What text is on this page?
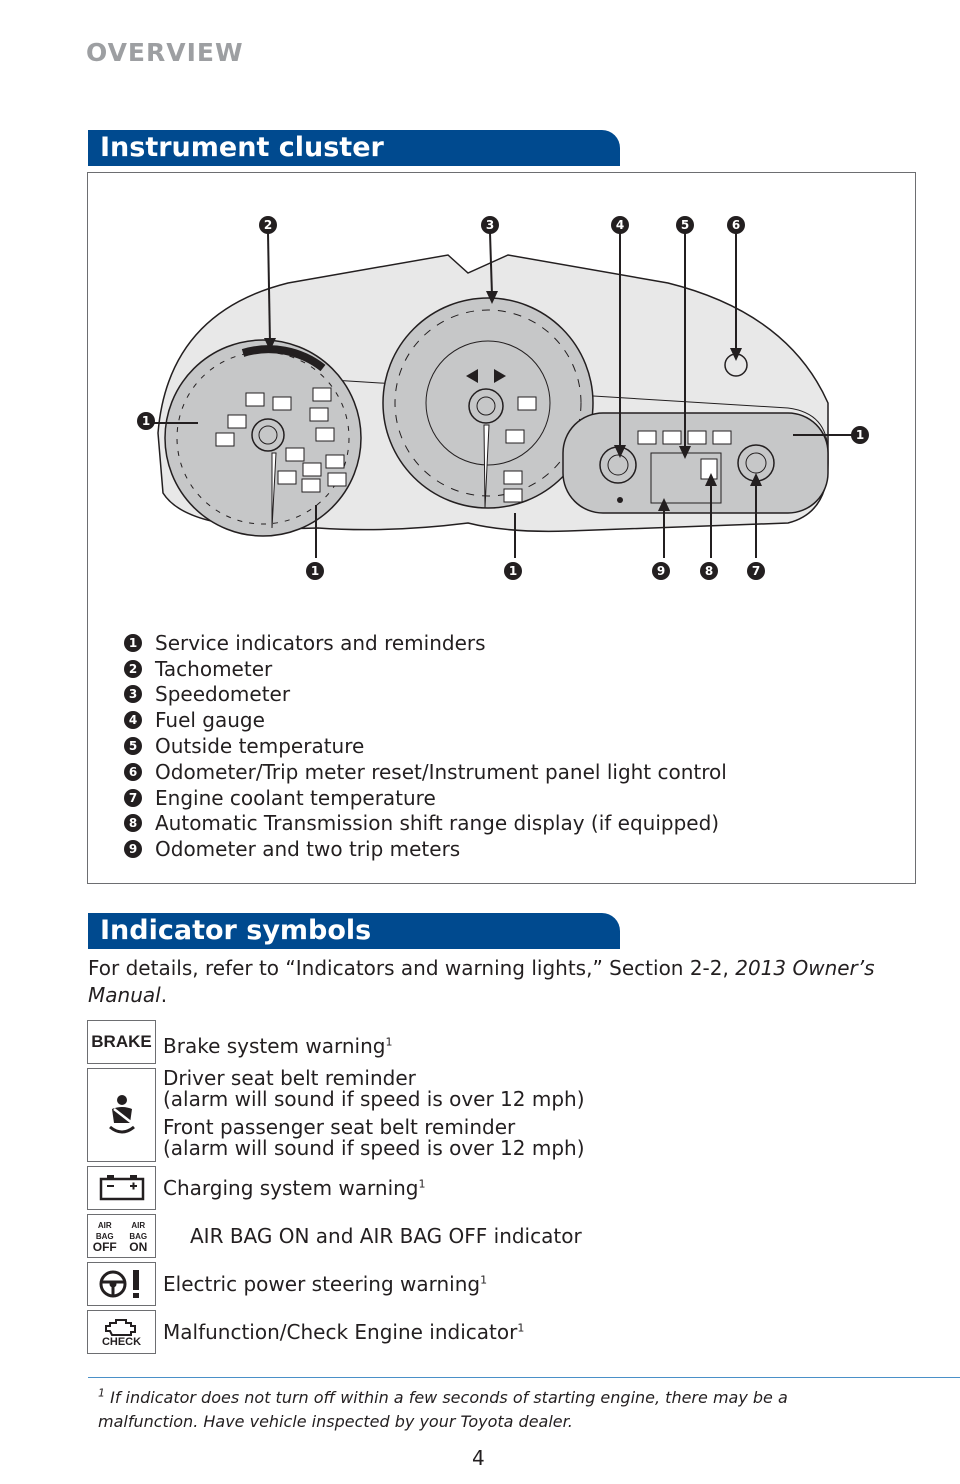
OVERVIEW
Instrument cluster
2	3	4	5	6
1
1
1	1	9	8	7
1 Service indicators and reminders
2 Tachometer
3 Speedometer
4 Fuel gauge
5 Outside temperature
6 Odometer/Trip meter reset/Instrument panel light control
7 Engine coolant temperature
8 Automatic Transmission shift range display (if equipped)
9 Odometer and two trip meters
Indicator symbols
For details, refer to “Indicators and warning lights,” Section 2-2, 2013 Owner’s Manual.
BRAKE Brake system warning$^1$
Driver seat belt reminder
(alarm will sound if speed is over 12 mph)
Front passenger seat belt reminder
(alarm will sound if speed is over 12 mph)
Charging system warning$^1$
AIR BAG
OFF
AIR BAG
ON	AIR BAG ON and AIR BAG OFF indicator
Electric power steering warning$^1$
CHECK Malfunction/Check Engine indicator$^1$
$^1$ If indicator does not turn off within a few seconds of starting engine, there may be a malfunction. Have vehicle inspected by your Toyota dealer.
4
